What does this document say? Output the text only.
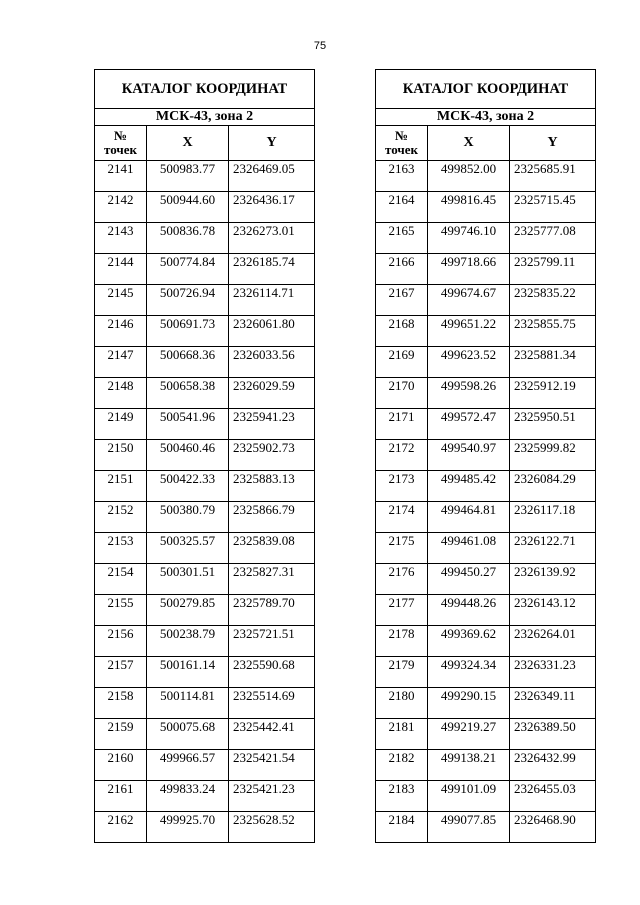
75
КАТАЛОГ КООРДИНАТ		
МСК-43, зона 2		
№
точек	X	Y
2141	500983.77	2326469.05
2142	500944.60	2326436.17
2143	500836.78	2326273.01
2144	500774.84	2326185.74
2145	500726.94	2326114.71
2146	500691.73	2326061.80
2147	500668.36	2326033.56
2148	500658.38	2326029.59
2149	500541.96	2325941.23
2150	500460.46	2325902.73
2151	500422.33	2325883.13
2152	500380.79	2325866.79
2153	500325.57	2325839.08
2154	500301.51	2325827.31
2155	500279.85	2325789.70
2156	500238.79	2325721.51
2157	500161.14	2325590.68
2158	500114.81	2325514.69
2159	500075.68	2325442.41
2160	499966.57	2325421.54
2161	499833.24	2325421.23
2162	499925.70	2325628.52
КАТАЛОГ КООРДИНАТ		
МСК-43, зона 2		
№
точек	X	Y
2163	499852.00	2325685.91
2164	499816.45	2325715.45
2165	499746.10	2325777.08
2166	499718.66	2325799.11
2167	499674.67	2325835.22
2168	499651.22	2325855.75
2169	499623.52	2325881.34
2170	499598.26	2325912.19
2171	499572.47	2325950.51
2172	499540.97	2325999.82
2173	499485.42	2326084.29
2174	499464.81	2326117.18
2175	499461.08	2326122.71
2176	499450.27	2326139.92
2177	499448.26	2326143.12
2178	499369.62	2326264.01
2179	499324.34	2326331.23
2180	499290.15	2326349.11
2181	499219.27	2326389.50
2182	499138.21	2326432.99
2183	499101.09	2326455.03
2184	499077.85	2326468.90
